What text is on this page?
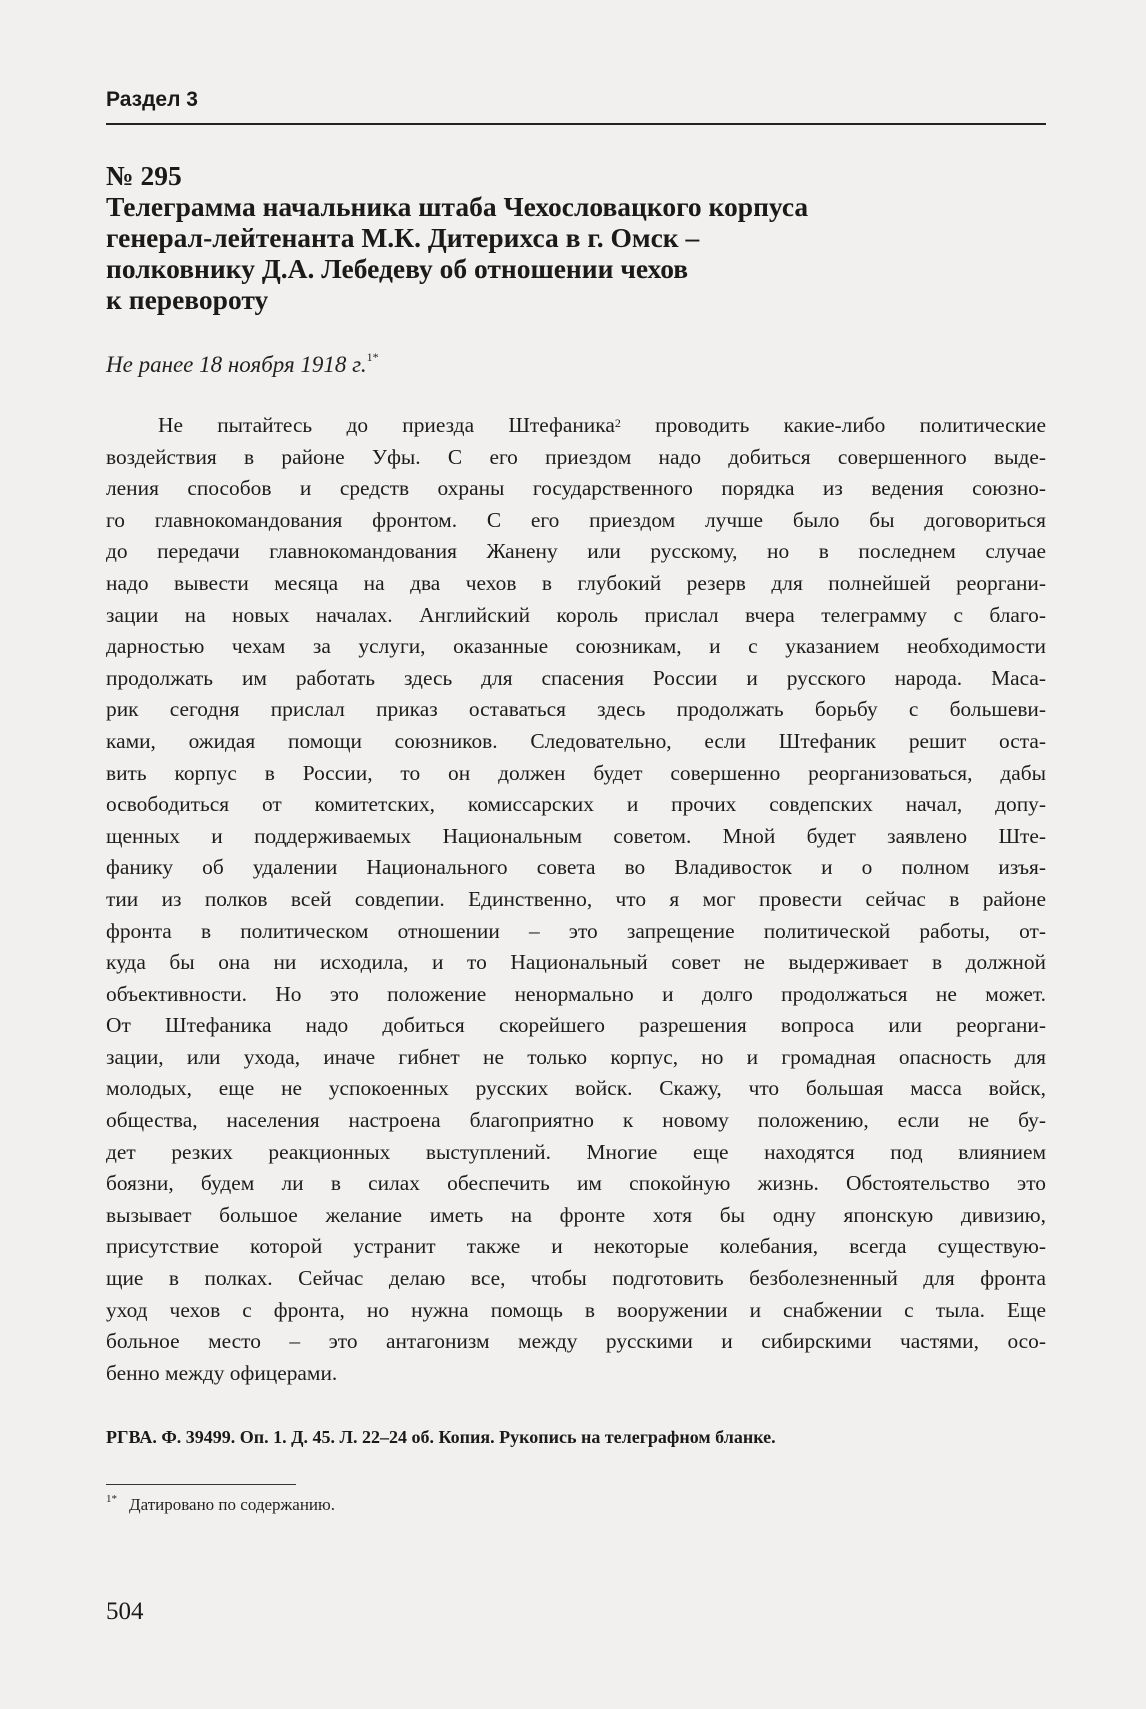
Раздел 3
№ 295
Телеграмма начальника штаба Чехословацкого корпуса
генерал-лейтенанта М.К. Дитерихса в г. Омск –
полковнику Д.А. Лебедеву об отношении чехов
к перевороту
Не ранее 18 ноября 1918 г.$^{1*}$
Не пытайтесь до приезда Штефаника$^2$ проводить какие-либо политические
воздействия в районе Уфы. С его приездом надо добиться совершенного выде-
ления способов и средств охраны государственного порядка из ведения союзно-
го главнокомандования фронтом. С его приездом лучше было бы договориться
до передачи главнокомандования Жанену или русскому, но в последнем случае
надо вывести месяца на два чехов в глубокий резерв для полнейшей реоргани-
зации на новых началах. Английский король прислал вчера телеграмму с благо-
дарностью чехам за услуги, оказанные союзникам, и с указанием необходимости
продолжать им работать здесь для спасения России и русского народа. Маса-
рик сегодня прислал приказ оставаться здесь продолжать борьбу с большеви-
ками, ожидая помощи союзников. Следовательно, если Штефаник решит оста-
вить корпус в России, то он должен будет совершенно реорганизоваться, дабы
освободиться от комитетских, комиссарских и прочих совдепских начал, допу-
щенных и поддерживаемых Национальным советом. Мной будет заявлено Ште-
фанику об удалении Национального совета во Владивосток и о полном изъя-
тии из полков всей совдепии. Единственно, что я мог провести сейчас в районе
фронта в политическом отношении – это запрещение политической работы, от-
куда бы она ни исходила, и то Национальный совет не выдерживает в должной
объективности. Но это положение ненормально и долго продолжаться не может.
От Штефаника надо добиться скорейшего разрешения вопроса или реоргани-
зации, или ухода, иначе гибнет не только корпус, но и громадная опасность для
молодых, еще не успокоенных русских войск. Скажу, что большая масса войск,
общества, населения настроена благоприятно к новому положению, если не бу-
дет резких реакционных выступлений. Многие еще находятся под влиянием
боязни, будем ли в силах обеспечить им спокойную жизнь. Обстоятельство это
вызывает большое желание иметь на фронте хотя бы одну японскую дивизию,
присутствие которой устранит также и некоторые колебания, всегда существую-
щие в полках. Сейчас делаю все, чтобы подготовить безболезненный для фронта
уход чехов с фронта, но нужна помощь в вооружении и снабжении с тыла. Еще
больное место – это антагонизм между русскими и сибирскими частями, осо-
бенно между офицерами.
РГВА. Ф. 39499. Оп. 1. Д. 45. Л. 22–24 об. Копия. Рукопись на телеграфном бланке.
$^{1*}$ Датировано по содержанию.
504
